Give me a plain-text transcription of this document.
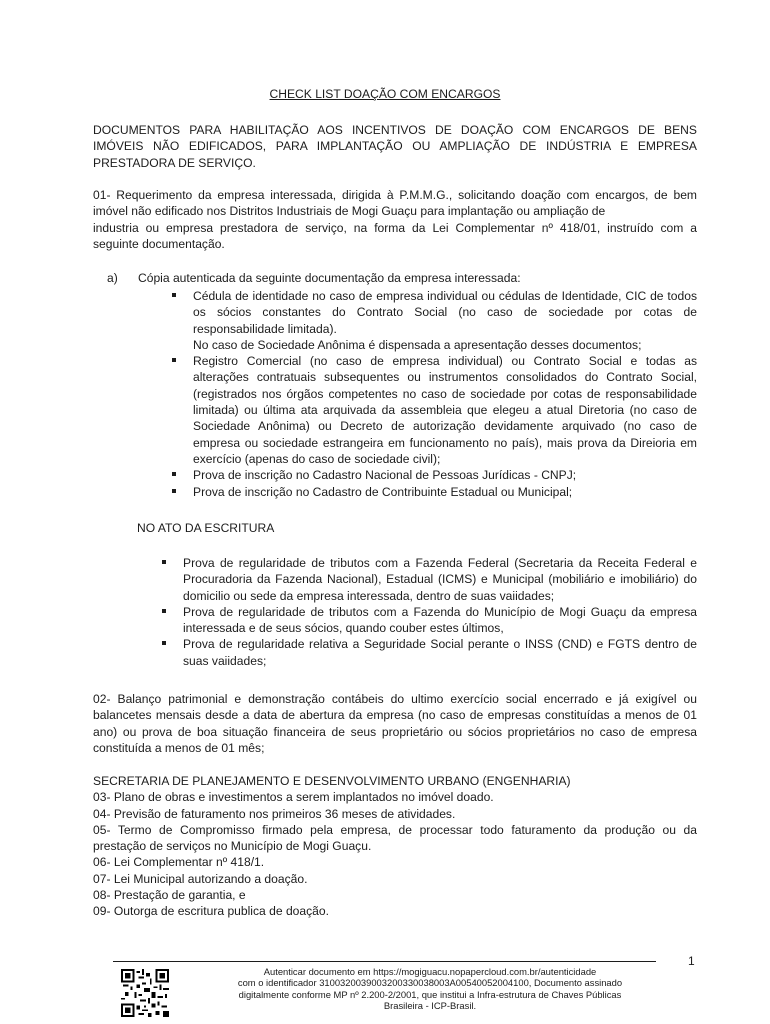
CHECK LIST DOAÇÃO COM ENCARGOS
DOCUMENTOS PARA HABILITAÇÃO AOS INCENTIVOS DE DOAÇÃO COM ENCARGOS DE BENS
IMÓVEIS NÃO EDIFICADOS, PARA IMPLANTAÇÃO OU AMPLIAÇÃO DE INDÚSTRIA E EMPRESA
PRESTADORA DE SERVIÇO.
01- Requerimento da empresa interessada, dirigida à P.M.M.G., solicitando doação com encargos, de bem
imóvel não edificado nos Distritos Industriais de Mogi Guaçu para implantação ou ampliação de
industria ou empresa prestadora de serviço, na forma da Lei Complementar nº 418/01, instruído com a
seguinte documentação.
a)	Cópia autenticada da seguinte documentação da empresa interessada:
Cédula de identidade no caso de empresa individual ou cédulas de Identidade, CIC de todos
os sócios constantes do Contrato Social (no caso de sociedade por cotas de
responsabilidade limitada).
No caso de Sociedade Anônima é dispensada a apresentação desses documentos;
Registro Comercial (no caso de empresa individual) ou Contrato Social e todas as
alterações contratuais subsequentes ou instrumentos consolidados do Contrato Social,
(registrados nos órgãos competentes no caso de sociedade por cotas de responsabilidade
limitada) ou última ata arquivada da assembleia que elegeu a atual Diretoria (no caso de
Sociedade Anônima) ou Decreto de autorização devidamente arquivado (no caso de
empresa ou sociedade estrangeira em funcionamento no país), mais prova da Direioria em
exercício (apenas do caso de sociedade civil);
Prova de inscrição no Cadastro Nacional de Pessoas Jurídicas - CNPJ;
Prova de inscrição no Cadastro de Contribuinte Estadual ou Municipal;
NO ATO DA ESCRITURA
Prova de regularidade de tributos com a Fazenda Federal (Secretaria da Receita Federal e
Procuradoria da Fazenda Nacional), Estadual (ICMS) e Municipal (mobiliário e imobiliário) do
domicilio ou sede da empresa interessada, dentro de suas vaiidades;
Prova de regularidade de tributos com a Fazenda do Município de Mogi Guaçu da empresa
interessada e de seus sócios, quando couber estes últimos,
Prova de regularidade relativa a Seguridade Social perante o INSS (CND) e FGTS dentro de
suas vaiidades;
02- Balanço patrimonial e demonstração contábeis do ultimo exercício social encerrado e já exigível ou
balancetes mensais desde a data de abertura da empresa (no caso de empresas constituídas a menos de 01
ano) ou prova de boa situação financeira de seus proprietário ou sócios proprietários no caso de empresa
constituída a menos de 01 mês;
SECRETARIA DE PLANEJAMENTO E DESENVOLVIMENTO URBANO (ENGENHARIA)
03- Plano de obras e investimentos a serem implantados no imóvel doado.
04- Previsão de faturamento nos primeiros 36 meses de atividades.
05- Termo de Compromisso firmado pela empresa, de processar todo faturamento da produção ou da
prestação de serviços no Município de Mogi Guaçu.
06- Lei Complementar nº 418/1.
07- Lei Municipal autorizando a doação.
08- Prestação de garantia, e
09- Outorga de escritura publica de doação.
1
Autenticar documento em https://mogiguacu.nopapercloud.com.br/autenticidade
com o identificador 3100320039003200330038003A00540052004100, Documento assinado
digitalmente conforme MP nº 2.200-2/2001, que institui a Infra-estrutura de Chaves Públicas
Brasileira - ICP-Brasil.
